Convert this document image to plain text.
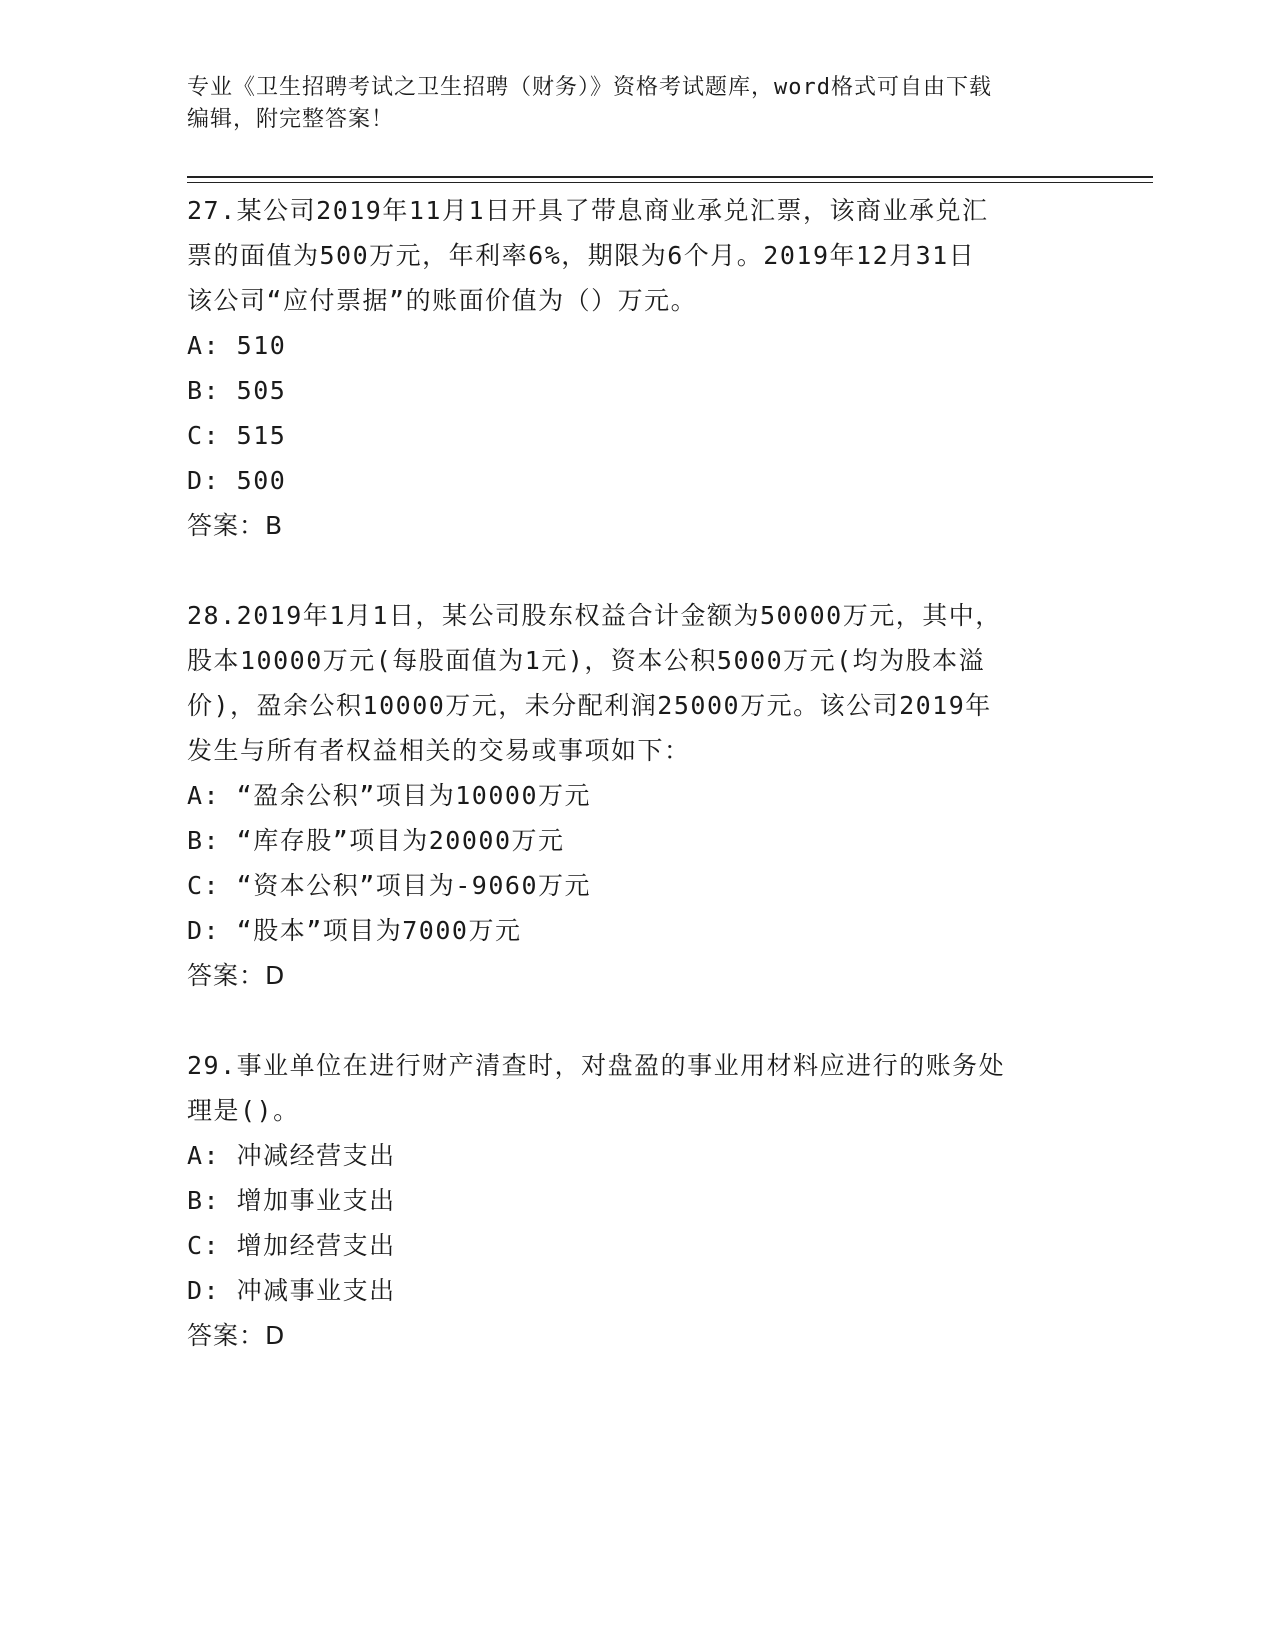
专业《卫生招聘考试之卫生招聘（财务）》资格考试题库，word格式可自由下载
编辑，附完整答案！
27.某公司2019年11月1日开具了带息商业承兑汇票，该商业承兑汇
票的面值为500万元，年利率6%，期限为6个月。2019年12月31日
该公司“应付票据”的账面价值为（）万元。
A: 510
B: 505
C: 515
D: 500
答案：B
28.2019年1月1日，某公司股东权益合计金额为50000万元，其中，
股本10000万元(每股面值为1元)，资本公积5000万元(均为股本溢
价)，盈余公积10000万元，未分配利润25000万元。该公司2019年
发生与所有者权益相关的交易或事项如下：
A: “盈余公积”项目为10000万元
B: “库存股”项目为20000万元
C: “资本公积”项目为-9060万元
D: “股本”项目为7000万元
答案：D
29.事业单位在进行财产清查时，对盘盈的事业用材料应进行的账务处
理是()。
A: 冲减经营支出
B: 增加事业支出
C: 增加经营支出
D: 冲减事业支出
答案：D
